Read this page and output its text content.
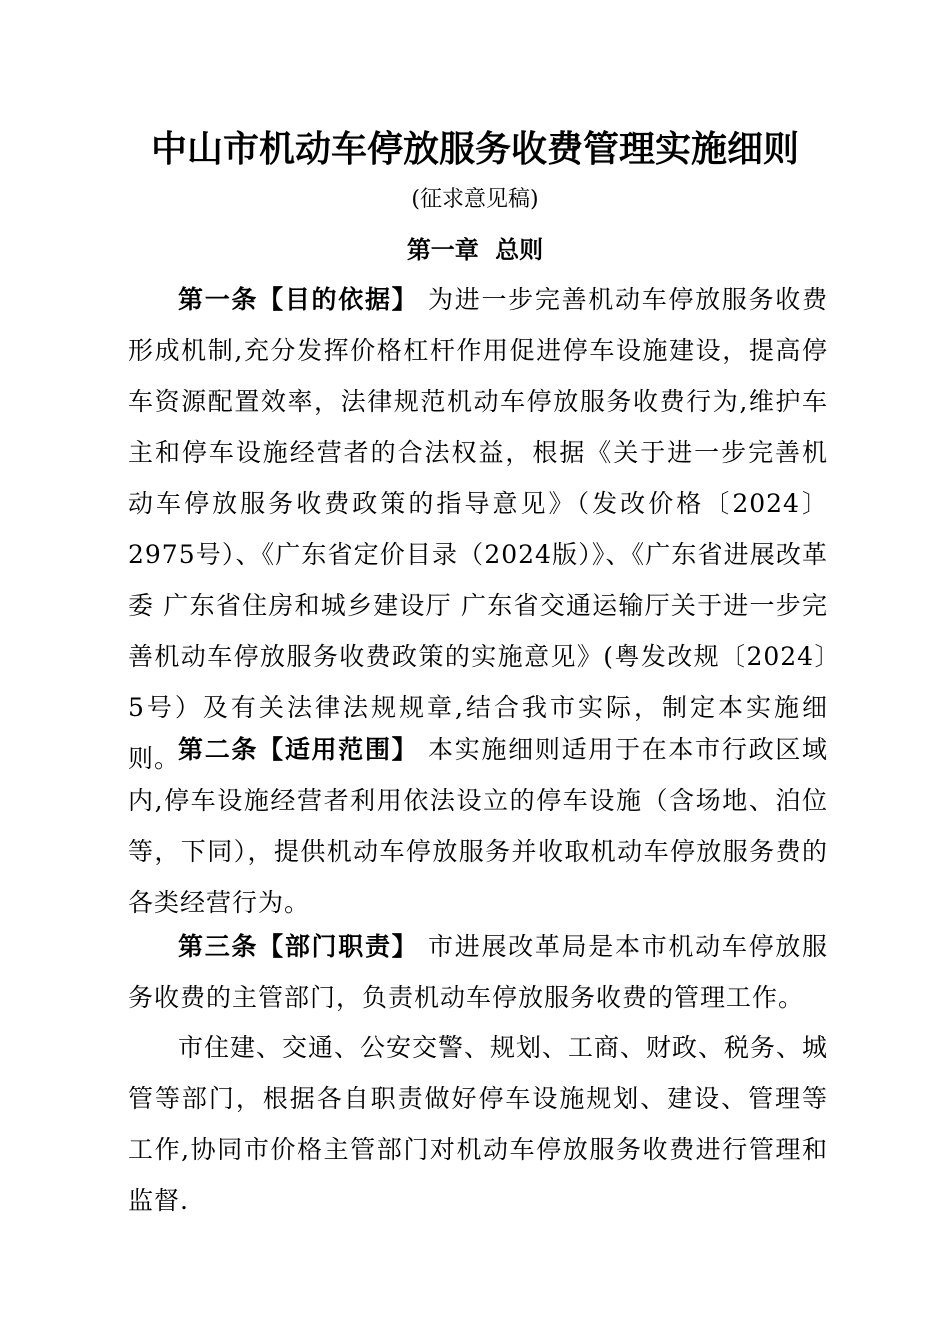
中山市机动车停放服务收费管理实施细则
(征求意见稿)
第一章 总则

第一条【目的依据】 为进一步完善机动车停放服务收费形成机制,充分发挥价格杠杆作用促进停车设施建设，提高停车资源配置效率，法律规范机动车停放服务收费行为,维护车主和停车设施经营者的合法权益，根据《关于进一步完善机动车停放服务收费政策的指导意见》（发改价格〔2024〕2975号）、《广东省定价目录（2024版）》、《广东省进展改革委 广东省住房和城乡建设厅 广东省交通运输厅关于进一步完善机动车停放服务收费政策的实施意见》(粤发改规〔2024〕5号）及有关法律法规规章,结合我市实际，制定本实施细则。

第二条【适用范围】 本实施细则适用于在本市行政区域内,停车设施经营者利用依法设立的停车设施（含场地、泊位等，下同），提供机动车停放服务并收取机动车停放服务费的各类经营行为。

第三条【部门职责】 市进展改革局是本市机动车停放服务收费的主管部门，负责机动车停放服务收费的管理工作。

市住建、交通、公安交警、规划、工商、财政、税务、城管等部门，根据各自职责做好停车设施规划、建设、管理等工作,协同市价格主管部门对机动车停放服务收费进行管理和监督.
